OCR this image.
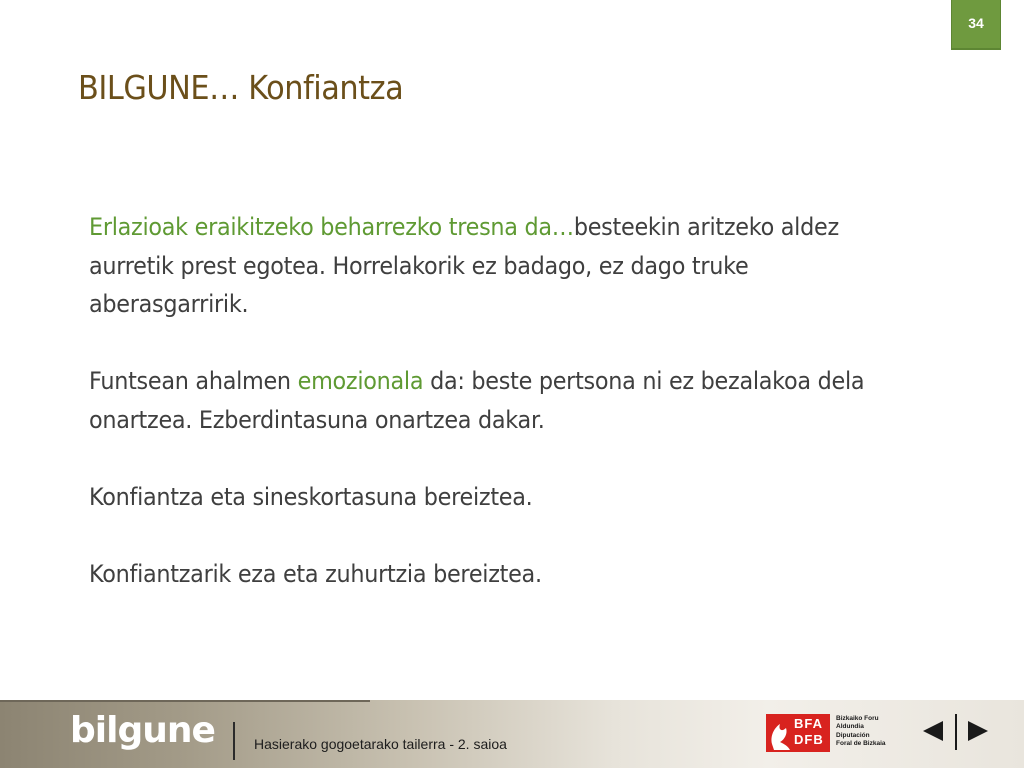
34
BILGUNE… Konfiantza

Erlazioak eraikitzeko beharrezko tresna da…besteekin aritzeko aldez aurretik prest egotea. Horrelakorik ez badago, ez dago truke aberasgarririk.

Funtsean ahalmen emozionala da: beste pertsona ni ez bezalakoa dela onartzea. Ezberdintasuna onartzea dakar.

Konfiantza eta sineskortasuna bereiztea.

Konfiantzarik eza eta zuhurtzia bereiztea.

bilgune	Hasierako gogoetarako tailerra - 2. saioa
BFA
DFB
Bizkaiko Foru
Aldundia
Diputación
Foral de Bizkaia
